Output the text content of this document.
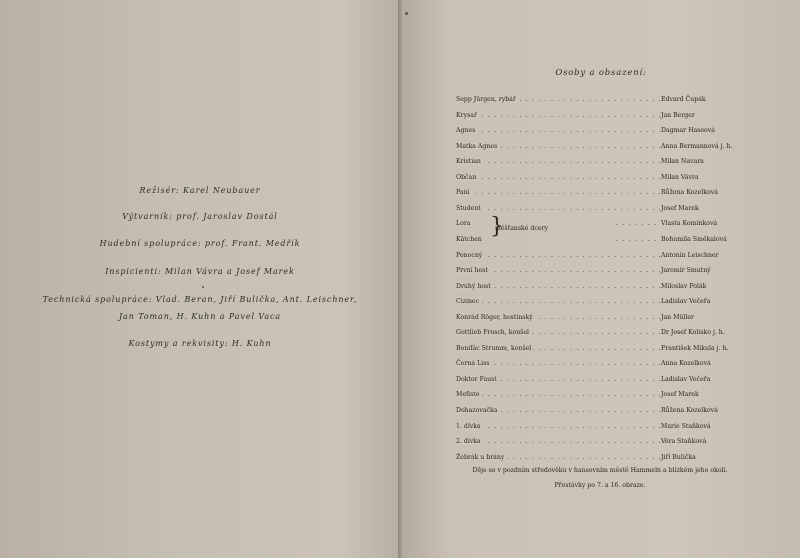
Režisér: Karel Neubauer
Výtvarník: prof. Jaroslav Dostál
Hudební spolupráce: prof. Frant. Medřík
Inspicienti: Milan Vávra a Josef Marek
Technická spolupráce: Vlad. Beran, Jiří Bulička, Ant. Leischner,
Jan Toman, H. Kuhn a Pavel Vaca
Kostymy a rekvisity: H. Kuhn
Osoby a obsazení:
. . .
Sepp Jürgen, rybář	Edvard Čupák
. . .
Krysař	Jan Berger
. . .
Agnes	Dagmar Haseová
. . .
Matka Agnes	Anna Bermannová j. h.
. . .
Kristian	Milan Navara
. . .
Občan	Milan Vávra
. . .
Paní	Růžena Kozelková
. . .
Student	Josef Marek
. . .
Lora	Vlasta Komínková
. . .
Kätchen	Bohumila Směkalová
. . .
Ponocný	Antonín Leischner
. . .
První host	Jaromír Smutný
. . .
Druhý host	Miloslav Polák
. . .
Cizinec	Ladislav Večeřa
. . .
Konrád Röger, hostinský	Jan Müller
. . .
Gottlieb Frosch, konšel	Dr Josef Kolisko j. h.
. . .
Bonifác Strumm, konšel	František Mikula j. h.
. . .
Černá Liss	Anna Kozelková
. . .
Doktor Faust	Ladislav Večeřa
. . .
Mefisto	Josef Marek
. . .
Dohazovačka	Růžena Kozelková
. . .
1. dívka	Marie Staňková
. . .
2. dívka	Věra Staňková
. . .
Žebrák u brány	Jiří Bulička
}
měšťanské dcery
Děje se v pozdním středověku v hansovním městě Hammeln a blízkém jeho okolí.
Přestávky po 7. a 16. obraze.
